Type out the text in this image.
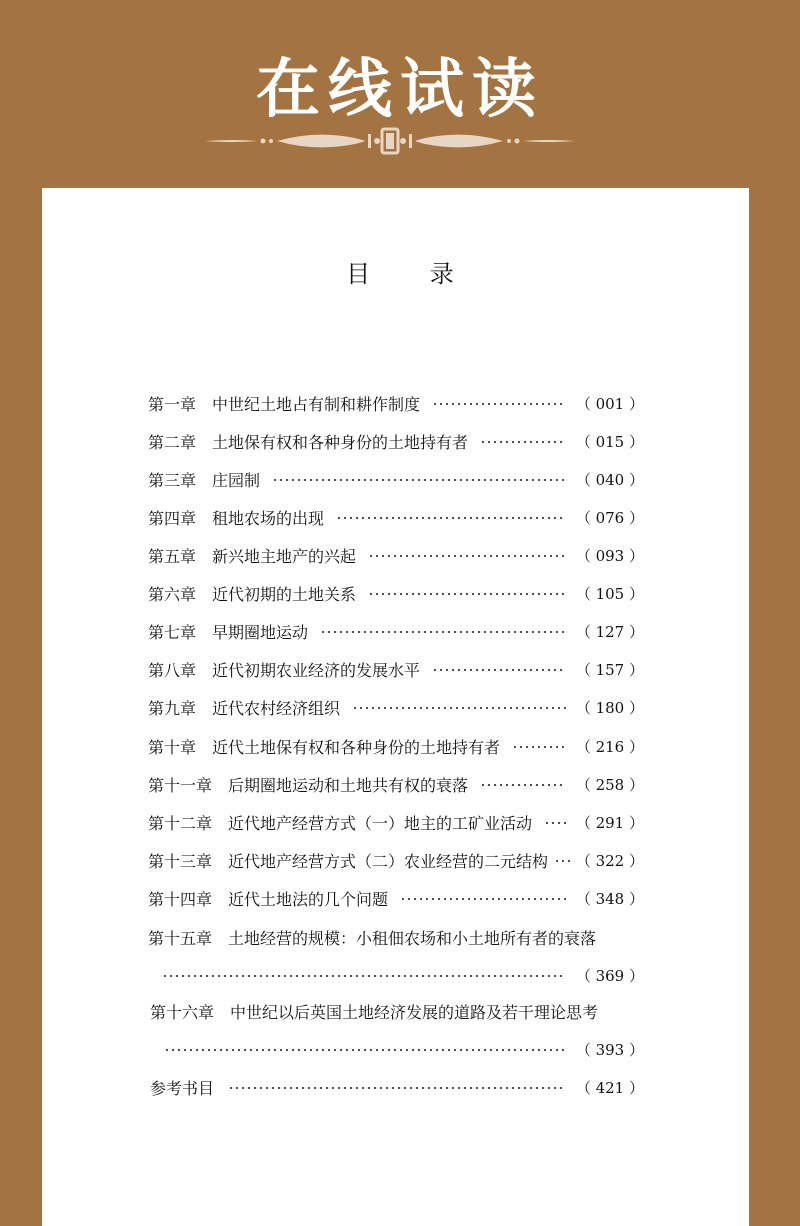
在线试读
目 录
第一章 中世纪土地占有制和耕作制度	（ 001 ）
第二章 土地保有权和各种身份的土地持有者	（ 015 ）
第三章 庄园制	（ 040 ）
第四章 租地农场的出现	（ 076 ）
第五章 新兴地主地产的兴起	（ 093 ）
第六章 近代初期的土地关系	（ 105 ）
第七章 早期圈地运动	（ 127 ）
第八章 近代初期农业经济的发展水平	（ 157 ）
第九章 近代农村经济组织	（ 180 ）
第十章 近代土地保有权和各种身份的土地持有者	（ 216 ）
第十一章 后期圈地运动和土地共有权的衰落	（ 258 ）
第十二章 近代地产经营方式（一）地主的工矿业活动	（ 291 ）
第十三章 近代地产经营方式（二）农业经营的二元结构 （ 322 ）
第十四章 近代土地法的几个问题	（ 348 ）
第十五章 土地经营的规模：小租佃农场和小土地所有者的衰落
（ 369 ）
第十六章 中世纪以后英国土地经济发展的道路及若干理论思考
（ 393 ）
参考书目	（ 421 ）
